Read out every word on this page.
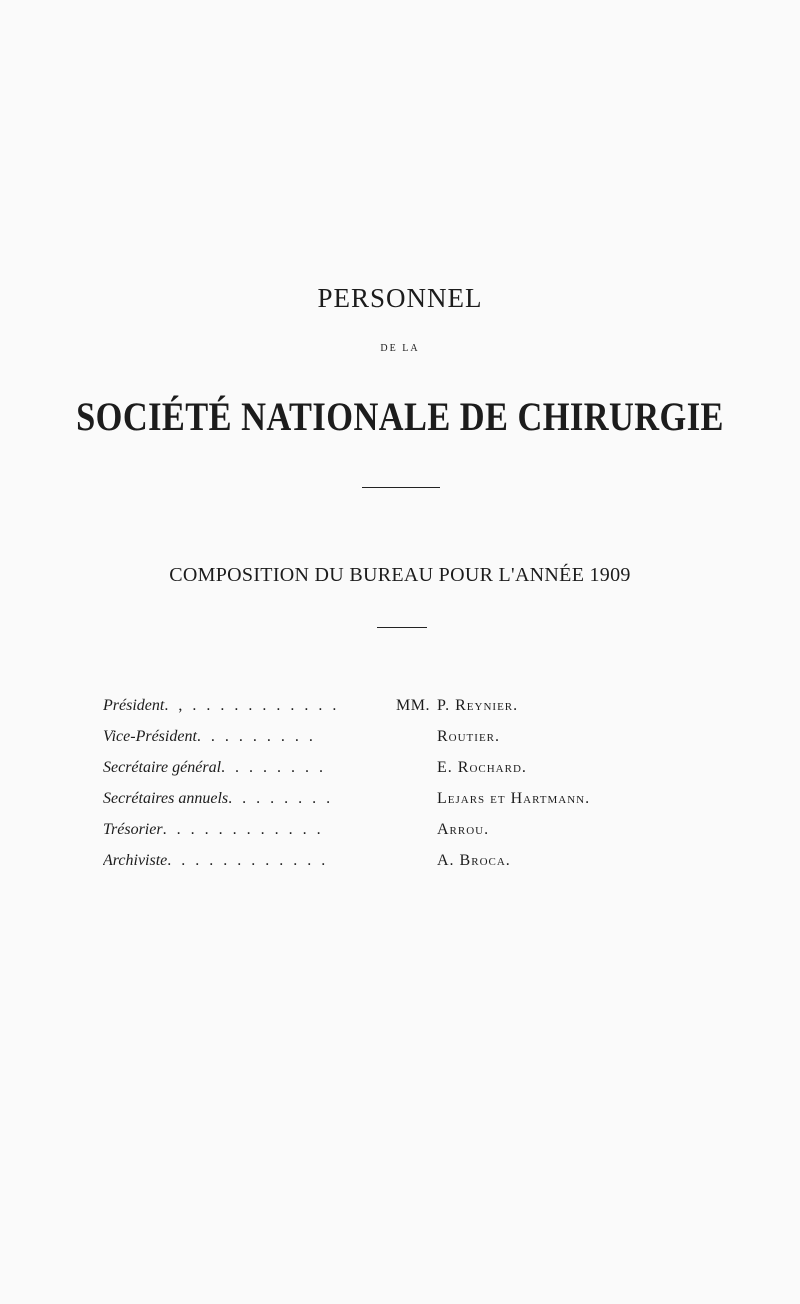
PERSONNEL
DE LA
SOCIÉTÉ NATIONALE DE CHIRURGIE
COMPOSITION DU BUREAU POUR L'ANNÉE 1909
Président. , . . . . . . . . . . .	MM. P. Reynier.
Vice-Président. . . . . . . . .	Routier.
Secrétaire général. . . . . . . .	E. Rochard.
Secrétaires annuels. . . . . . . .	Lejars et Hartmann.
Trésorier. . . . . . . . . . . .	Arrou.
Archiviste. . . . . . . . . . . .	A. Broca.
